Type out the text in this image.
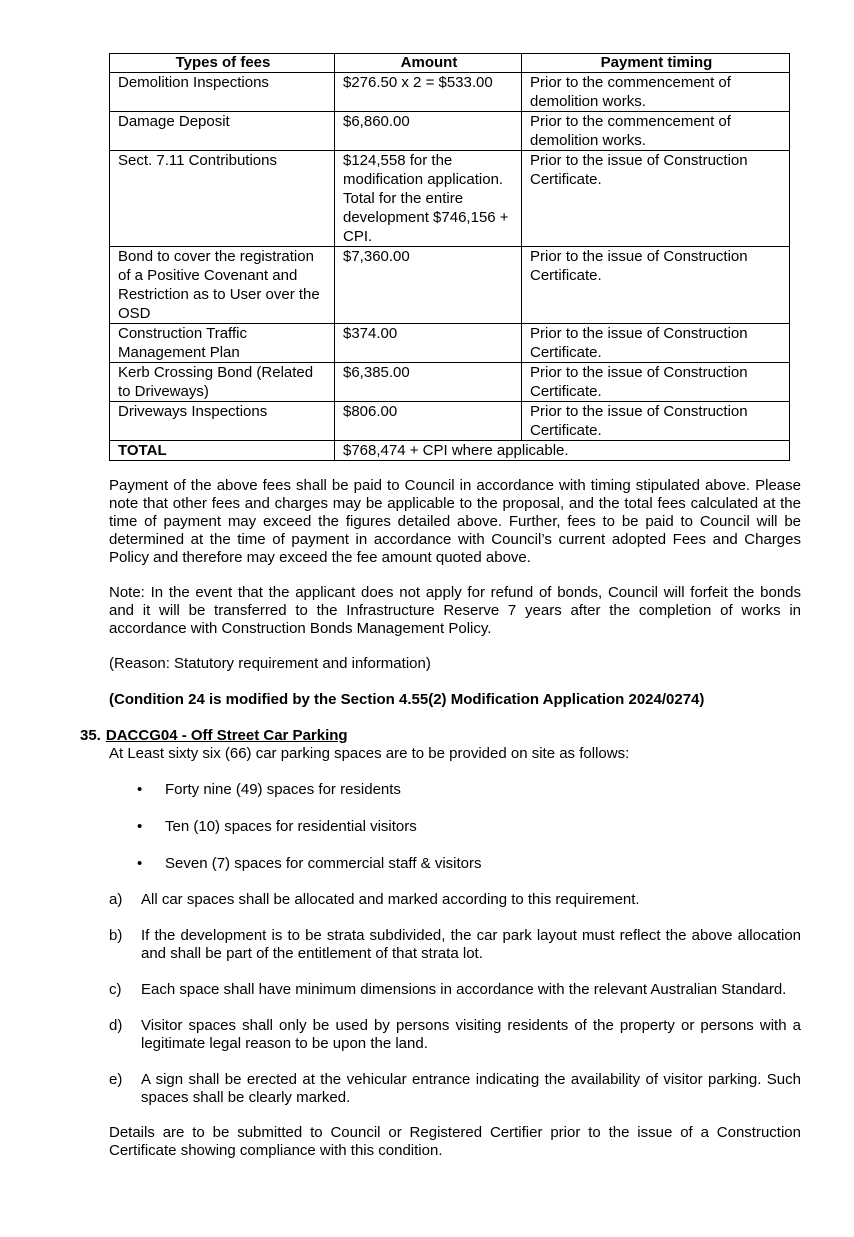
Types of fees	Amount	Payment timing
Demolition Inspections	$276.50 x 2 = $533.00	Prior to the commencement of demolition works.
Damage Deposit	$6,860.00	Prior to the commencement of demolition works.
Sect. 7.11 Contributions	$124,558 for the modification application. Total for the entire development $746,156 + CPI.	Prior to the issue of Construction Certificate.
Bond to cover the registration of a Positive Covenant and Restriction as to User over the OSD	$7,360.00	Prior to the issue of Construction Certificate.
Construction Traffic Management Plan	$374.00	Prior to the issue of Construction Certificate.
Kerb Crossing Bond (Related to Driveways)	$6,385.00	Prior to the issue of Construction Certificate.
Driveways Inspections	$806.00	Prior to the issue of Construction Certificate.
TOTAL	$768,474 + CPI where applicable.	

Payment of the above fees shall be paid to Council in accordance with timing stipulated above. Please note that other fees and charges may be applicable to the proposal, and the total fees calculated at the time of payment may exceed the figures detailed above. Further, fees to be paid to Council will be determined at the time of payment in accordance with Council’s current adopted Fees and Charges Policy and therefore may exceed the fee amount quoted above.

Note: In the event that the applicant does not apply for refund of bonds, Council will forfeit the bonds and it will be transferred to the Infrastructure Reserve 7 years after the completion of works in accordance with Construction Bonds Management Policy.

(Reason: Statutory requirement and information)

(Condition 24 is modified by the Section 4.55(2) Modification Application 2024/0274)

35. DACCG04 - Off Street Car Parking

At Least sixty six (66) car parking spaces are to be provided on site as follows:

• Forty nine (49) spaces for residents
• Ten (10) spaces for residential visitors
• Seven (7) spaces for commercial staff & visitors
a) All car spaces shall be allocated and marked according to this requirement.
b) If the development is to be strata subdivided, the car park layout must reflect the above allocation and shall be part of the entitlement of that strata lot.
c) Each space shall have minimum dimensions in accordance with the relevant Australian Standard.
d) Visitor spaces shall only be used by persons visiting residents of the property or persons with a legitimate legal reason to be upon the land.
e) A sign shall be erected at the vehicular entrance indicating the availability of visitor parking. Such spaces shall be clearly marked.

Details are to be submitted to Council or Registered Certifier prior to the issue of a Construction Certificate showing compliance with this condition.
